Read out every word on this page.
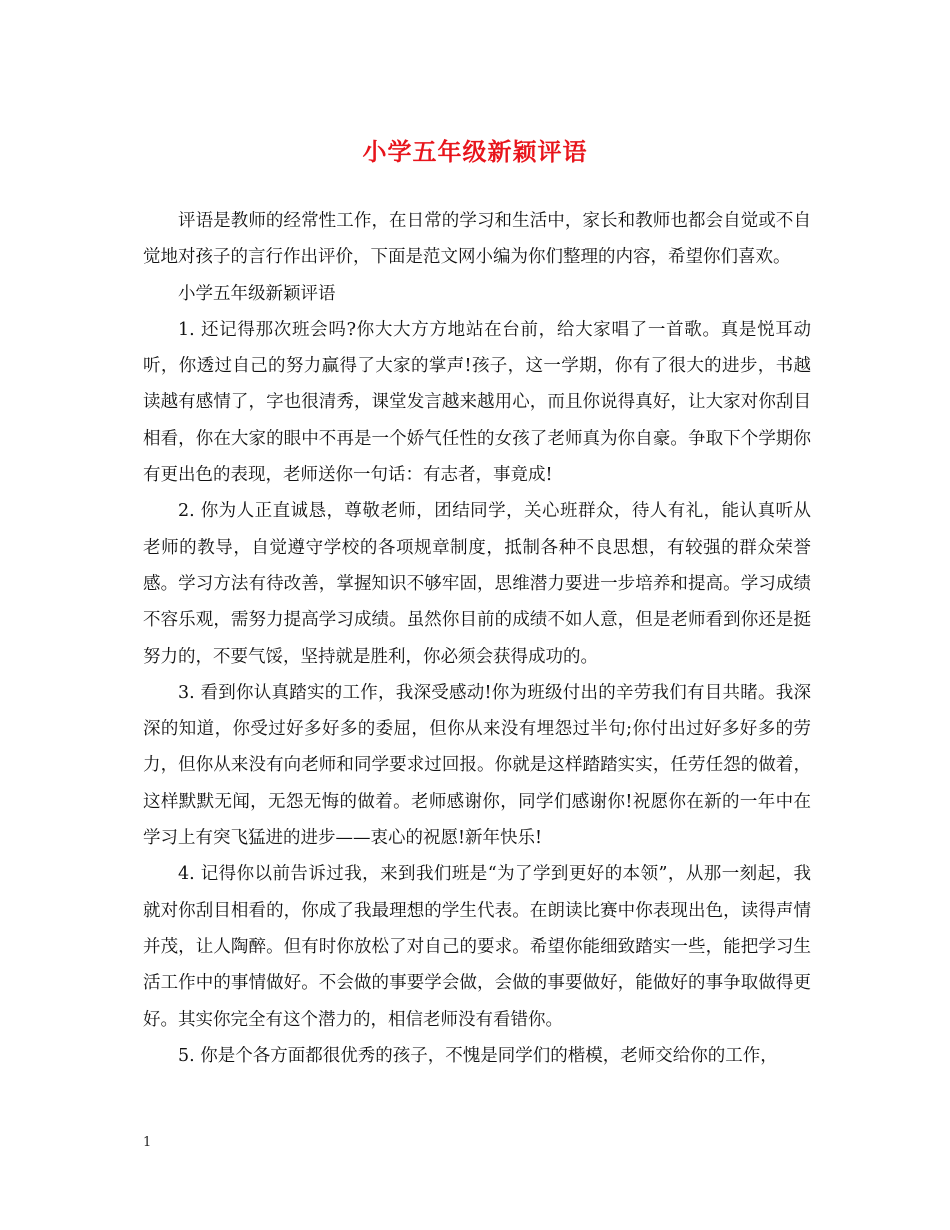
小学五年级新颖评语

评语是教师的经常性工作，在日常的学习和生活中，家长和教师也都会自觉或不自觉地对孩子的言行作出评价，下面是范文网小编为你们整理的内容，希望你们喜欢。

小学五年级新颖评语

1. 还记得那次班会吗?你大大方方地站在台前，给大家唱了一首歌。真是悦耳动听，你透过自己的努力赢得了大家的掌声!孩子，这一学期，你有了很大的进步，书越读越有感情了，字也很清秀，课堂发言越来越用心，而且你说得真好，让大家对你刮目相看，你在大家的眼中不再是一个娇气任性的女孩了老师真为你自豪。争取下个学期你有更出色的表现，老师送你一句话：有志者，事竟成!

2. 你为人正直诚恳，尊敬老师，团结同学，关心班群众，待人有礼，能认真听从老师的教导，自觉遵守学校的各项规章制度，抵制各种不良思想，有较强的群众荣誉感。学习方法有待改善，掌握知识不够牢固，思维潜力要进一步培养和提高。学习成绩不容乐观，需努力提高学习成绩。虽然你目前的成绩不如人意，但是老师看到你还是挺努力的，不要气馁，坚持就是胜利，你必须会获得成功的。

3. 看到你认真踏实的工作，我深受感动!你为班级付出的辛劳我们有目共睹。我深深的知道，你受过好多好多的委屈，但你从来没有埋怨过半句;你付出过好多好多的劳力，但你从来没有向老师和同学要求过回报。你就是这样踏踏实实，任劳任怨的做着，这样默默无闻，无怨无悔的做着。老师感谢你，同学们感谢你!祝愿你在新的一年中在学习上有突飞猛进的进步——衷心的祝愿!新年快乐!

4. 记得你以前告诉过我，来到我们班是“为了学到更好的本领”，从那一刻起，我就对你刮目相看的，你成了我最理想的学生代表。在朗读比赛中你表现出色，读得声情并茂，让人陶醉。但有时你放松了对自己的要求。希望你能细致踏实一些，能把学习生活工作中的事情做好。不会做的事要学会做，会做的事要做好，能做好的事争取做得更好。其实你完全有这个潜力的，相信老师没有看错你。

5. 你是个各方面都很优秀的孩子，不愧是同学们的楷模，老师交给你的工作，

1
